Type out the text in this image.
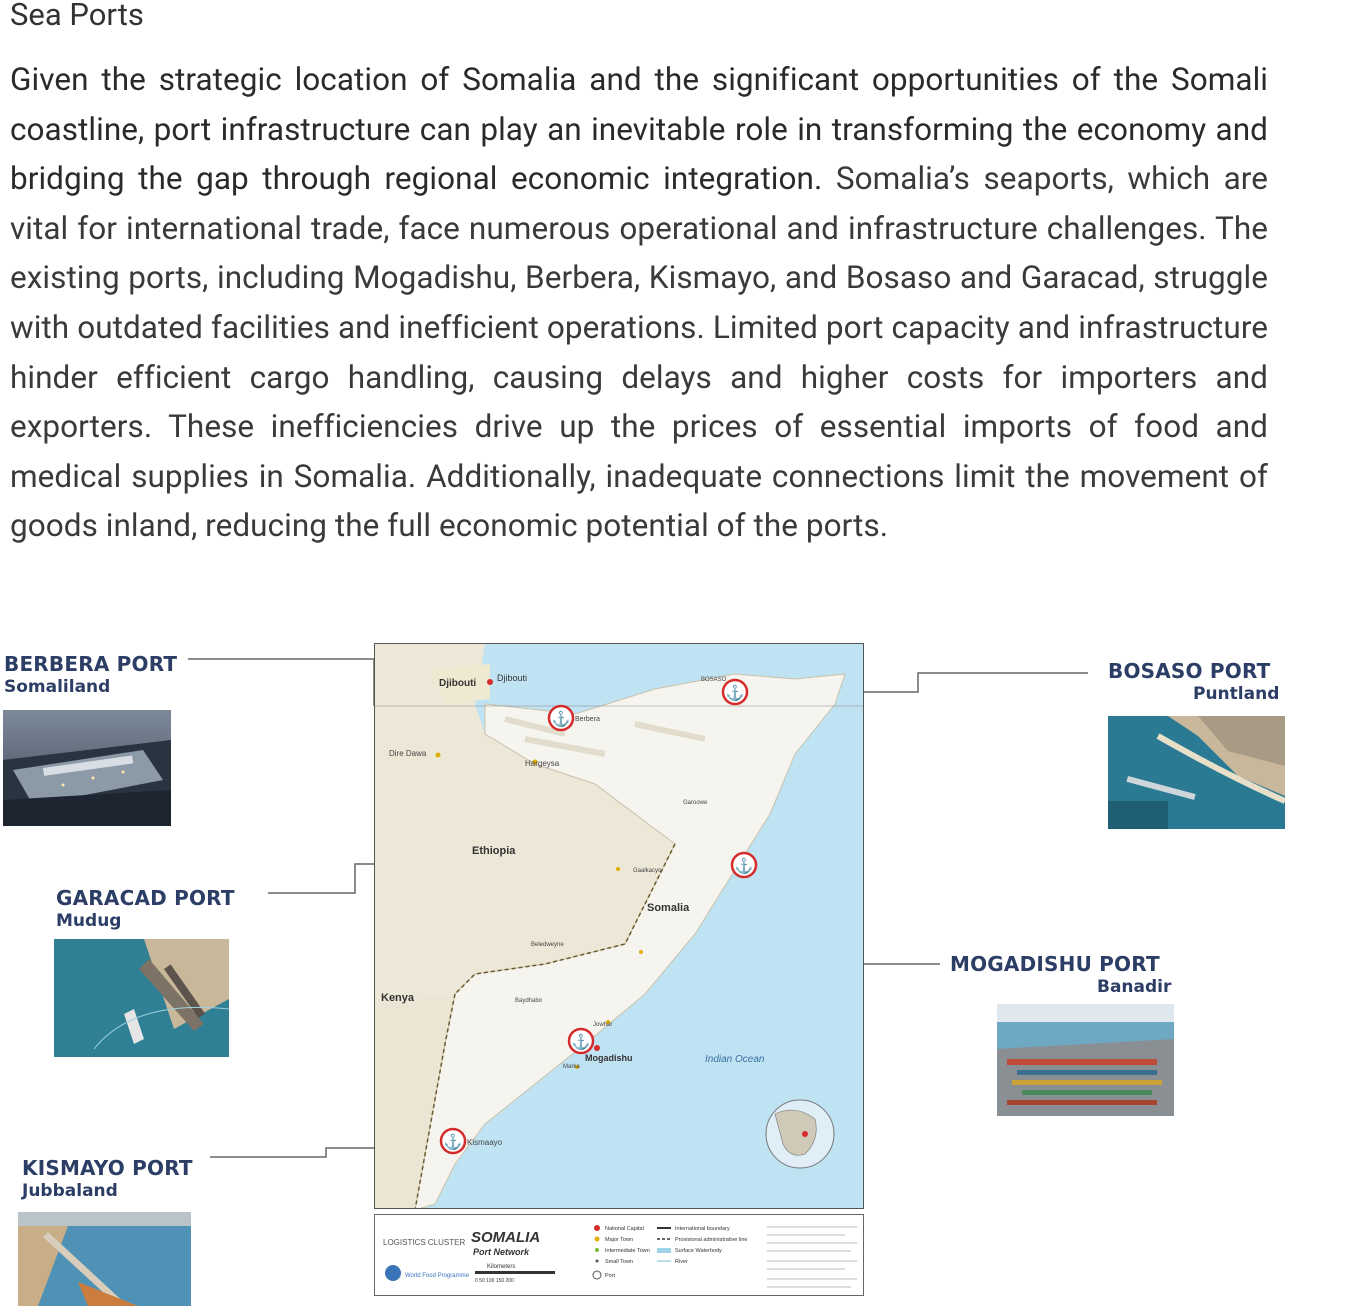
Sea Ports
Given the strategic location of Somalia and the significant opportunities of the Somali coastline, port infrastructure can play an inevitable role in transforming the economy and bridging the gap through regional economic integration. Somalia’s seaports, which are vital for international trade, face numerous operational and infrastructure challenges. The existing ports, including Mogadishu, Berbera, Kismayo, and Bosaso and Garacad, struggle with outdated facilities and inefficient operations. Limited port capacity and infrastructure hinder efficient cargo handling, causing delays and higher costs for importers and exporters. These inefficiencies drive up the prices of essential imports of food and medical supplies in Somalia. Additionally, inadequate connections limit the movement of goods inland, reducing the full economic potential of the ports.
BERBERA PORT
Somaliland
GARACAD PORT
Mudug
KISMAYO PORT
Jubbaland
BOSASO PORT
Puntland
MOGADISHU PORT
Banadir
⚓
⚓
⚓
⚓
⚓
Djibouti Djibouti
Ethiopia
Somalia
Kenya
Indian Ocean
Mogadishu
Hargeysa
Berbera
Dire Dawa
Kismaayo
BOSASO
Gaalkacyo
Beledweyne
Garoowe
Baydhabo
Jowhar
Marka
LOGISTICS CLUSTER
World Food Programme
SOMALIA
Port Network
Kilometers
0 50 100 150 200
National Capital
Major Town
Intermediate Town
Small Town
Port
International boundary
Provisional administrative line
Surface Waterbody
River
